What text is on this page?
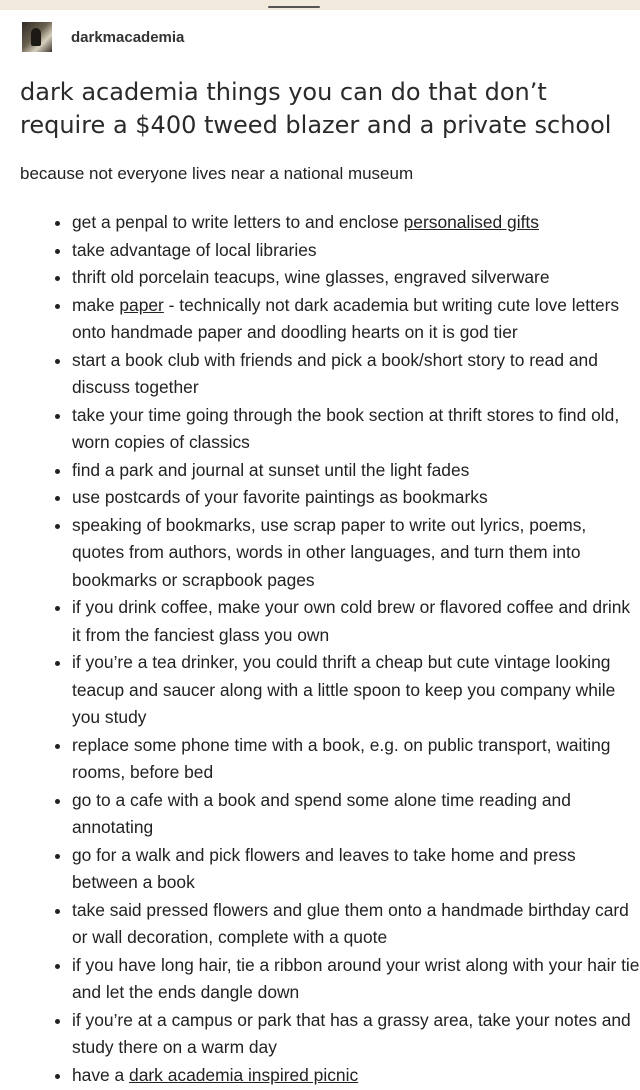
darkmacademia
dark academia things you can do that don’t require a $400 tweed blazer and a private school

because not everyone lives near a national museum

• get a penpal to write letters to and enclose personalised gifts
• take advantage of local libraries
• thrift old porcelain teacups, wine glasses, engraved silverware
• make paper - technically not dark academia but writing cute love letters onto handmade paper and doodling hearts on it is god tier
• start a book club with friends and pick a book/short story to read and discuss together
• take your time going through the book section at thrift stores to find old, worn copies of classics
• find a park and journal at sunset until the light fades
• use postcards of your favorite paintings as bookmarks
• speaking of bookmarks, use scrap paper to write out lyrics, poems, quotes from authors, words in other languages, and turn them into bookmarks or scrapbook pages
• if you drink coffee, make your own cold brew or flavored coffee and drink it from the fanciest glass you own
• if you’re a tea drinker, you could thrift a cheap but cute vintage looking teacup and saucer along with a little spoon to keep you company while you study
• replace some phone time with a book, e.g. on public transport, waiting rooms, before bed
• go to a cafe with a book and spend some alone time reading and annotating
• go for a walk and pick flowers and leaves to take home and press between a book
• take said pressed flowers and glue them onto a handmade birthday card or wall decoration, complete with a quote
• if you have long hair, tie a ribbon around your wrist along with your hair tie and let the ends dangle down
• if you’re at a campus or park that has a grassy area, take your notes and study there on a warm day
• have a dark academia inspired picnic
